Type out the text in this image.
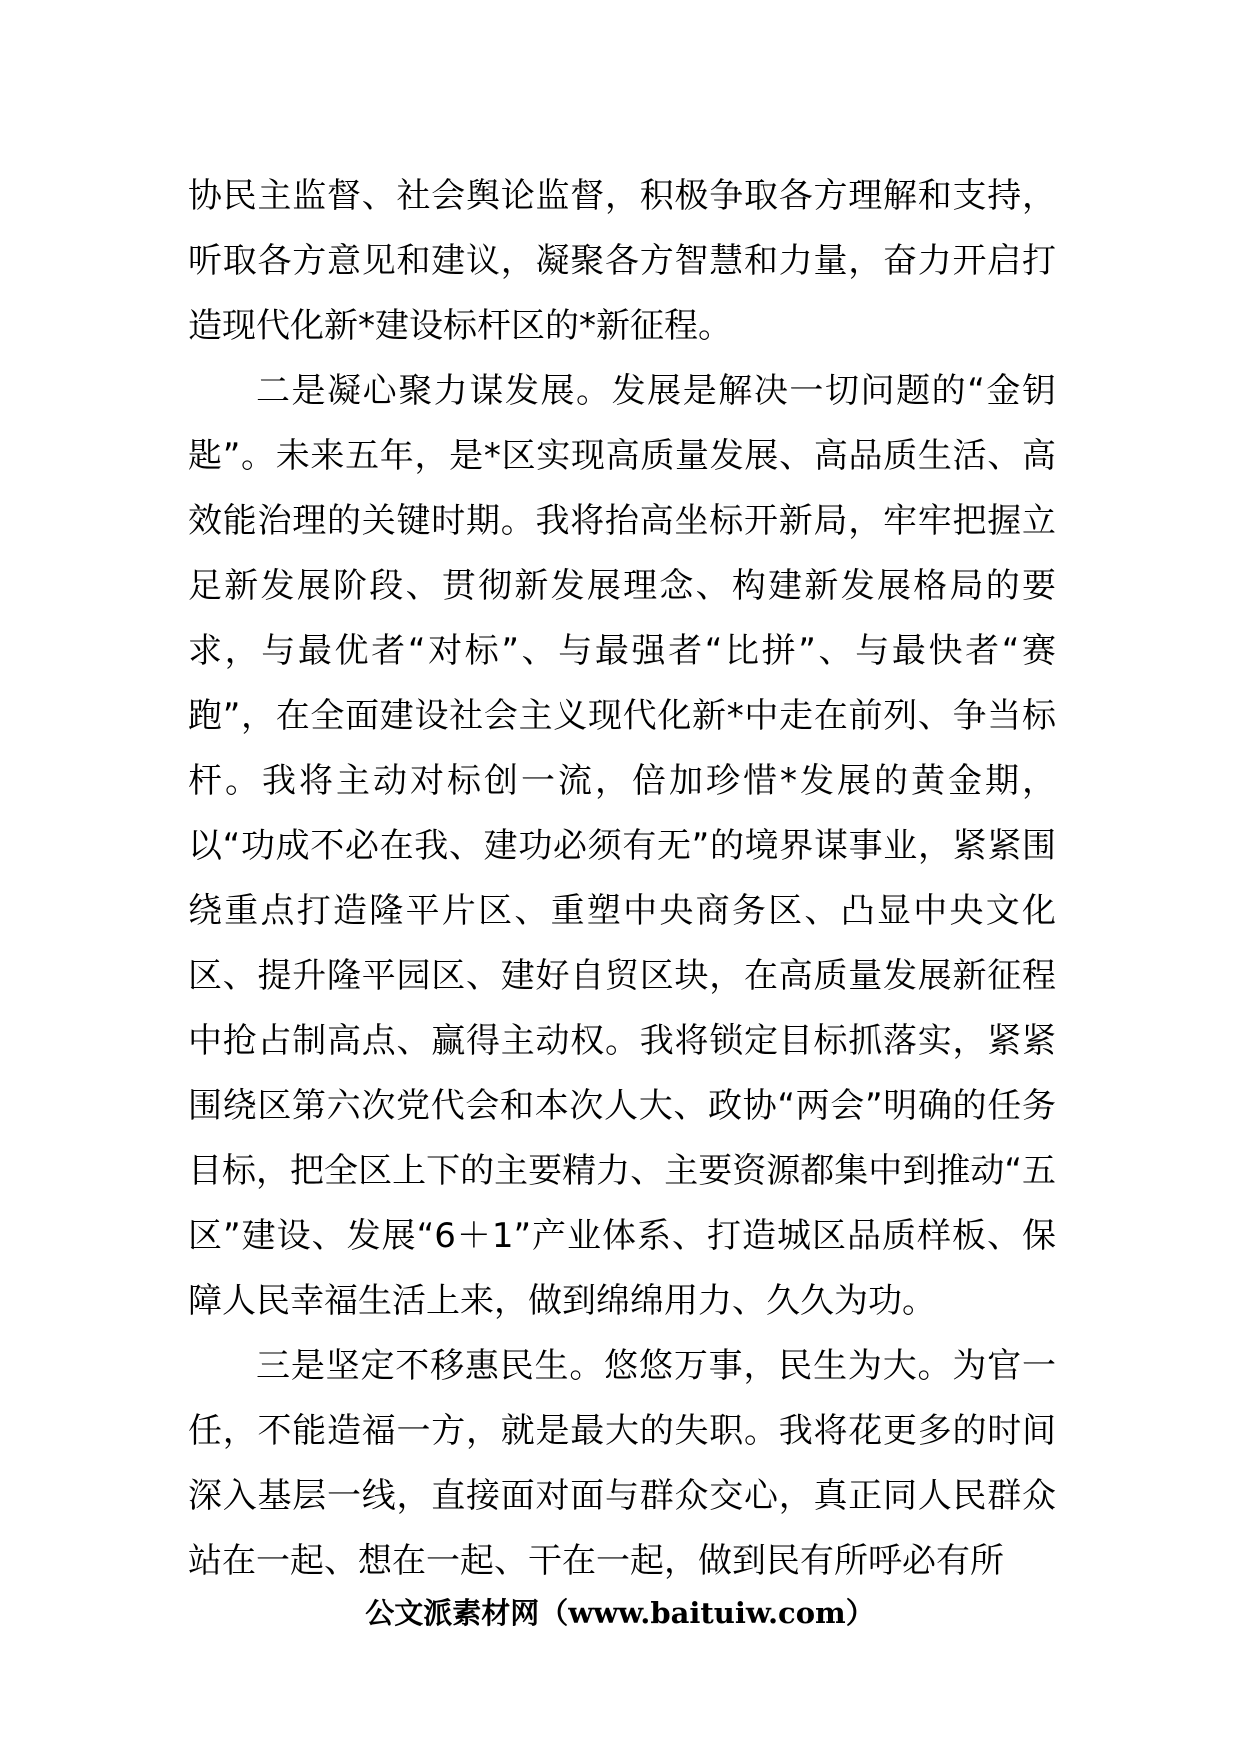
协民主监督、社会舆论监督，积极争取各方理解和支持，听取各方意见和建议，凝聚各方智慧和力量，奋力开启打造现代化新*建设标杆区的*新征程。

二是凝心聚力谋发展。发展是解决一切问题的“金钥匙”。未来五年，是*区实现高质量发展、高品质生活、高效能治理的关键时期。我将抬高坐标开新局，牢牢把握立足新发展阶段、贯彻新发展理念、构建新发展格局的要求，与最优者“对标”、与最强者“比拼”、与最快者“赛跑”，在全面建设社会主义现代化新*中走在前列、争当标杆。我将主动对标创一流，倍加珍惜*发展的黄金期，以“功成不必在我、建功必须有无”的境界谋事业，紧紧围绕重点打造隆平片区、重塑中央商务区、凸显中央文化区、提升隆平园区、建好自贸区块，在高质量发展新征程中抢占制高点、赢得主动权。我将锁定目标抓落实，紧紧围绕区第六次党代会和本次人大、政协“两会”明确的任务目标，把全区上下的主要精力、主要资源都集中到推动“五区”建设、发展“6＋1”产业体系、打造城区品质样板、保障人民幸福生活上来，做到绵绵用力、久久为功。

三是坚定不移惠民生。悠悠万事，民生为大。为官一任，不能造福一方，就是最大的失职。我将花更多的时间深入基层一线，直接面对面与群众交心，真正同人民群众站在一起、想在一起、干在一起，做到民有所呼必有所

公文派素材网（www.baituiw.com）
